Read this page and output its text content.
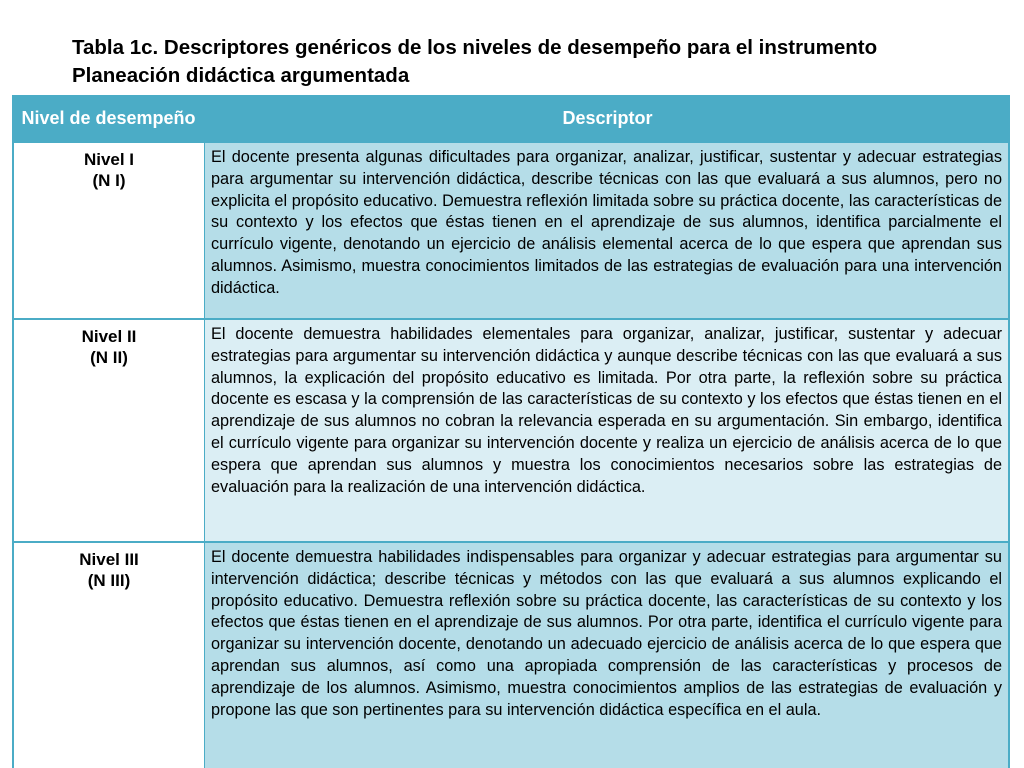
Tabla 1c. Descriptores genéricos de los niveles de desempeño para el instrumento
Planeación didáctica argumentada
Nivel de desempeño	Descriptor
Nivel I
(N I)
El docente presenta algunas dificultades para organizar, analizar, justificar, sustentar y adecuar estrategias para argumentar su intervención didáctica, describe técnicas con las que evaluará a sus alumnos, pero no explicita el propósito educativo. Demuestra reflexión limitada sobre su práctica docente, las características de su contexto y los efectos que éstas tienen en el aprendizaje de sus alumnos, identifica parcialmente el currículo vigente, denotando un ejercicio de análisis elemental acerca de lo que espera que aprendan sus alumnos. Asimismo, muestra conocimientos limitados de las estrategias de evaluación para una intervención didáctica.
Nivel II
(N II)
El docente demuestra habilidades elementales para organizar, analizar, justificar, sustentar y adecuar estrategias para argumentar su intervención didáctica y aunque describe técnicas con las que evaluará a sus alumnos, la explicación del propósito educativo es limitada. Por otra parte, la reflexión sobre su práctica docente es escasa y la comprensión de las características de su contexto y los efectos que éstas tienen en el aprendizaje de sus alumnos no cobran la relevancia esperada en su argumentación. Sin embargo, identifica el currículo vigente para organizar su intervención docente y realiza un ejercicio de análisis acerca de lo que espera que aprendan sus alumnos y muestra los conocimientos necesarios sobre las estrategias de evaluación para la realización de una intervención didáctica.
Nivel III
(N III)
El docente demuestra habilidades indispensables para organizar y adecuar estrategias para argumentar su intervención didáctica; describe técnicas y métodos con las que evaluará a sus alumnos explicando el propósito educativo. Demuestra reflexión sobre su práctica docente, las características de su contexto y los efectos que éstas tienen en el aprendizaje de sus alumnos. Por otra parte, identifica el currículo vigente para organizar su intervención docente, denotando un adecuado ejercicio de análisis acerca de lo que espera que aprendan sus alumnos, así como una apropiada comprensión de las características y procesos de aprendizaje de los alumnos. Asimismo, muestra conocimientos amplios de las estrategias de evaluación y propone las que son pertinentes para su intervención didáctica específica en el aula.
